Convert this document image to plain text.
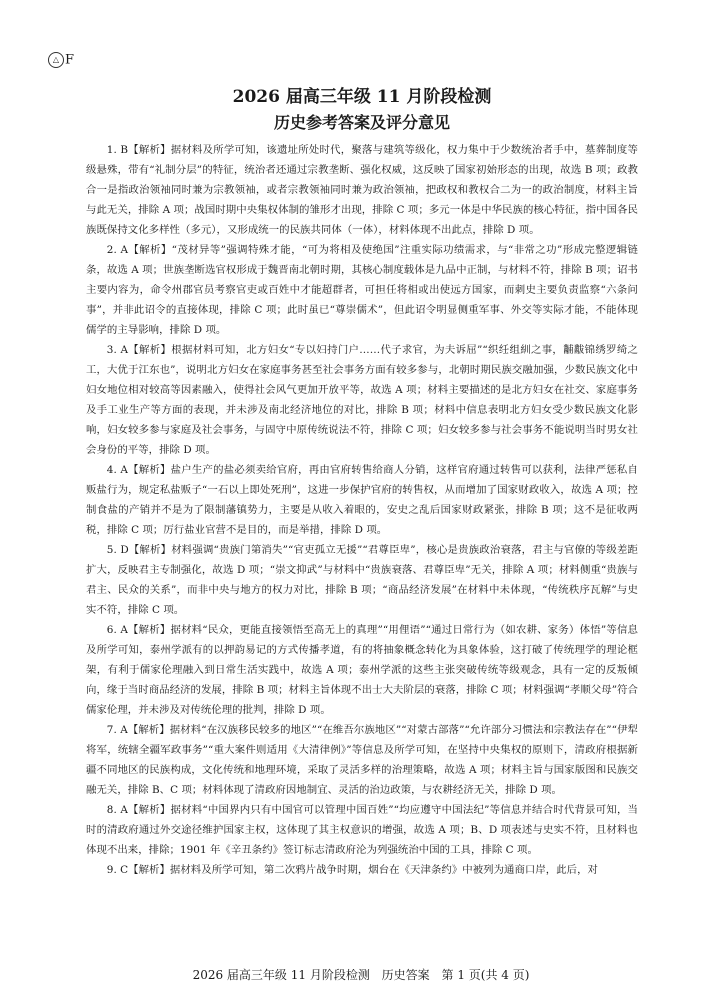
△ F
2026 届高三年级 11 月阶段检测
历史参考答案及评分意见

1. B【解析】据材料及所学可知，该遗址所处时代，聚落与建筑等级化，权力集中于少数统治者手中，墓葬制度等级悬殊，带有“礼制分层”的特征，统治者还通过宗教垄断、强化权威，这反映了国家初始形态的出现，故选 B 项；政教合一是指政治领袖同时兼为宗教领袖，或者宗教领袖同时兼为政治领袖，把政权和教权合二为一的政治制度，材料主旨与此无关，排除 A 项；战国时期中央集权体制的雏形才出现，排除 C 项；多元一体是中华民族的核心特征，指中国各民族既保持文化多样性（多元），又形成统一的民族共同体（一体），材料体现不出此点，排除 D 项。

2. A【解析】“茂材异等”强调特殊才能，“可为将相及使绝国”注重实际功绩需求，与“非常之功”形成完整逻辑链条，故选 A 项；世族垄断选官权形成于魏晋南北朝时期，其核心制度载体是九品中正制，与材料不符，排除 B 项；诏书主要内容为，命令州郡官员考察官吏或百姓中才能超群者，可担任将相或出使远方国家，而刺史主要负责监察“六条问事”，并非此诏令的直接体现，排除 C 项；此时虽已“尊崇儒术”，但此诏令明显侧重军事、外交等实际才能，不能体现儒学的主导影响，排除 D 项。

3. A【解析】根据材料可知，北方妇女“专以妇持门户……代子求官，为夫诉屈”“织纴组紃之事，黼黻锦绣罗绮之工，大优于江东也”，说明北方妇女在家庭事务甚至社会事务方面有较多参与，北朝时期民族交融加强，少数民族文化中妇女地位相对较高等因素融入，使得社会风气更加开放平等，故选 A 项；材料主要描述的是北方妇女在社交、家庭事务及手工业生产等方面的表现，并未涉及南北经济地位的对比，排除 B 项；材料中信息表明北方妇女受少数民族文化影响，妇女较多参与家庭及社会事务，与固守中原传统说法不符，排除 C 项；妇女较多参与社会事务不能说明当时男女社会身份的平等，排除 D 项。

4. A【解析】盐户生产的盐必须卖给官府，再由官府转售给商人分销，这样官府通过转售可以获利，法律严惩私自贩盐行为，规定私盐贩子“一石以上即处死刑”，这进一步保护官府的转售权，从而增加了国家财政收入，故选 A 项；控制食盐的产销并不是为了限制藩镇势力，主要是从收入着眼的，安史之乱后国家财政紧张，排除 B 项；这不是征收两税，排除 C 项；厉行盐业官营不是目的，而是举措，排除 D 项。

5. D【解析】材料强调“贵族门第消失”“官吏孤立无援”“君尊臣卑”，核心是贵族政治衰落，君主与官僚的等级差距扩大，反映君主专制强化，故选 D 项；“崇文抑武”与材料中“贵族衰落、君尊臣卑”无关，排除 A 项；材料侧重“贵族与君主、民众的关系”，而非中央与地方的权力对比，排除 B 项；“商品经济发展”在材料中未体现，“传统秩序瓦解”与史实不符，排除 C 项。

6. A【解析】据材料“民众，更能直接领悟至高无上的真理”“用俚语”“通过日常行为（如农耕、家务）体悟”等信息及所学可知，泰州学派有的以押韵易记的方式传播孝道，有的将抽象概念转化为具象体验，这打破了传统理学的理论框架，有利于儒家伦理融入到日常生活实践中，故选 A 项；泰州学派的这些主张突破传统等级观念，具有一定的反叛倾向，缘于当时商品经济的发展，排除 B 项；材料主旨体现不出士大夫阶层的衰落，排除 C 项；材料强调“孝顺父母”符合儒家伦理，并未涉及对传统伦理的批判，排除 D 项。

7. A【解析】据材料“在汉族移民较多的地区”“在维吾尔族地区”“对蒙古部落”“允许部分习惯法和宗教法存在”“伊犁将军，统辖全疆军政事务”“重大案件则适用《大清律例》”等信息及所学可知，在坚持中央集权的原则下，清政府根据新疆不同地区的民族构成，文化传统和地理环境，采取了灵活多样的治理策略，故选 A 项；材料主旨与国家版图和民族交融无关，排除 B、C 项；材料体现了清政府因地制宜、灵活的治边政策，与农耕经济无关，排除 D 项。

8. A【解析】据材料“中国界内只有中国官可以管理中国百姓”“均应遵守中国法纪”等信息并结合时代背景可知，当时的清政府通过外交途径维护国家主权，这体现了其主权意识的增强，故选 A 项；B、D 项表述与史实不符，且材料也体现不出来，排除；1901 年《辛丑条约》签订标志清政府沦为列强统治中国的工具，排除 C 项。

9. C【解析】据材料及所学可知，第二次鸦片战争时期，烟台在《天津条约》中被列为通商口岸，此后，对

2026 届高三年级 11 月阶段检测 历史答案 第 1 页(共 4 页)
